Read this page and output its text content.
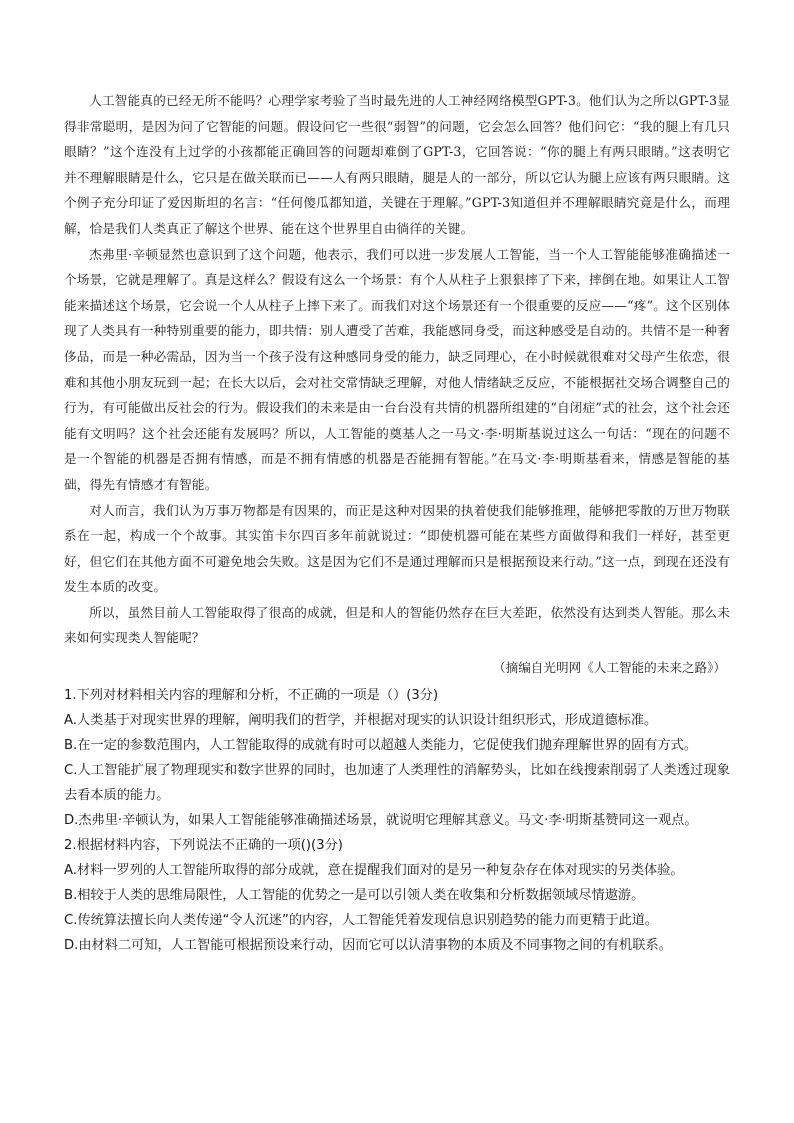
人工智能真的已经无所不能吗？心理学家考验了当时最先进的人工神经网络模型GPT-3。他们认为之所以GPT-3显得非常聪明，是因为问了它智能的问题。假设问它一些很“弱智”的问题，它会怎么回答？他们问它：“我的腿上有几只眼睛？”这个连没有上过学的小孩都能正确回答的问题却难倒了GPT-3，它回答说：“你的腿上有两只眼睛。”这表明它并不理解眼睛是什么，它只是在做关联而已——人有两只眼睛，腿是人的一部分，所以它认为腿上应该有两只眼睛。这个例子充分印证了爱因斯坦的名言：“任何傻瓜都知道，关键在于理解。”GPT-3知道但并不理解眼睛究竟是什么，而理解，恰是我们人类真正了解这个世界、能在这个世界里自由徜徉的关键。

杰弗里·辛顿显然也意识到了这个问题，他表示，我们可以进一步发展人工智能，当一个人工智能能够准确描述一个场景，它就是理解了。真是这样么？假设有这么一个场景：有个人从柱子上狠狠摔了下来，摔倒在地。如果让人工智能来描述这个场景，它会说一个人从柱子上摔下来了。而我们对这个场景还有一个很重要的反应——“疼”。这个区别体现了人类具有一种特别重要的能力，即共情：别人遭受了苦难，我能感同身受，而这种感受是自动的。共情不是一种奢侈品，而是一种必需品，因为当一个孩子没有这种感同身受的能力，缺乏同理心，在小时候就很难对父母产生依恋，很难和其他小朋友玩到一起；在长大以后，会对社交常情缺乏理解，对他人情绪缺乏反应，不能根据社交场合调整自己的行为，有可能做出反社会的行为。假设我们的未来是由一台台没有共情的机器所组建的“自闭症”式的社会，这个社会还能有文明吗？这个社会还能有发展吗？所以，人工智能的奠基人之一马文·李·明斯基说过这么一句话：“现在的问题不是一个智能的机器是否拥有情感，而是不拥有情感的机器是否能拥有智能。”在马文·李·明斯基看来，情感是智能的基础，得先有情感才有智能。

对人而言，我们认为万事万物都是有因果的，而正是这种对因果的执着使我们能够推理，能够把零散的万世万物联系在一起，构成一个个故事。其实笛卡尔四百多年前就说过：“即使机器可能在某些方面做得和我们一样好，甚至更好，但它们在其他方面不可避免地会失败。这是因为它们不是通过理解而只是根据预设来行动。”这一点，到现在还没有发生本质的改变。

所以，虽然目前人工智能取得了很高的成就，但是和人的智能仍然存在巨大差距，依然没有达到类人智能。那么未来如何实现类人智能呢？

（摘编自光明网《人工智能的未来之路》）

1.下列对材料相关内容的理解和分析，不正确的一项是（）(3分)

A.人类基于对现实世界的理解，阐明我们的哲学，并根据对现实的认识设计组织形式，形成道德标准。

B.在一定的参数范围内，人工智能取得的成就有时可以超越人类能力，它促使我们抛弃理解世界的固有方式。

C.人工智能扩展了物理现实和数字世界的同时，也加速了人类理性的消解势头，比如在线搜索削弱了人类透过现象去看本质的能力。

D.杰弗里·辛顿认为，如果人工智能能够准确描述场景，就说明它理解其意义。马文·李·明斯基赞同这一观点。

2.根据材料内容，下列说法不正确的一项()(3分)

A.材料一罗列的人工智能所取得的部分成就，意在提醒我们面对的是另一种复杂存在体对现实的另类体验。

B.相较于人类的思维局限性，人工智能的优势之一是可以引领人类在收集和分析数据领域尽情遨游。

C.传统算法擅长向人类传递“令人沉迷”的内容，人工智能凭着发现信息识别趋势的能力而更精于此道。

D.由材料二可知，人工智能可根据预设来行动，因而它可以认清事物的本质及不同事物之间的有机联系。
